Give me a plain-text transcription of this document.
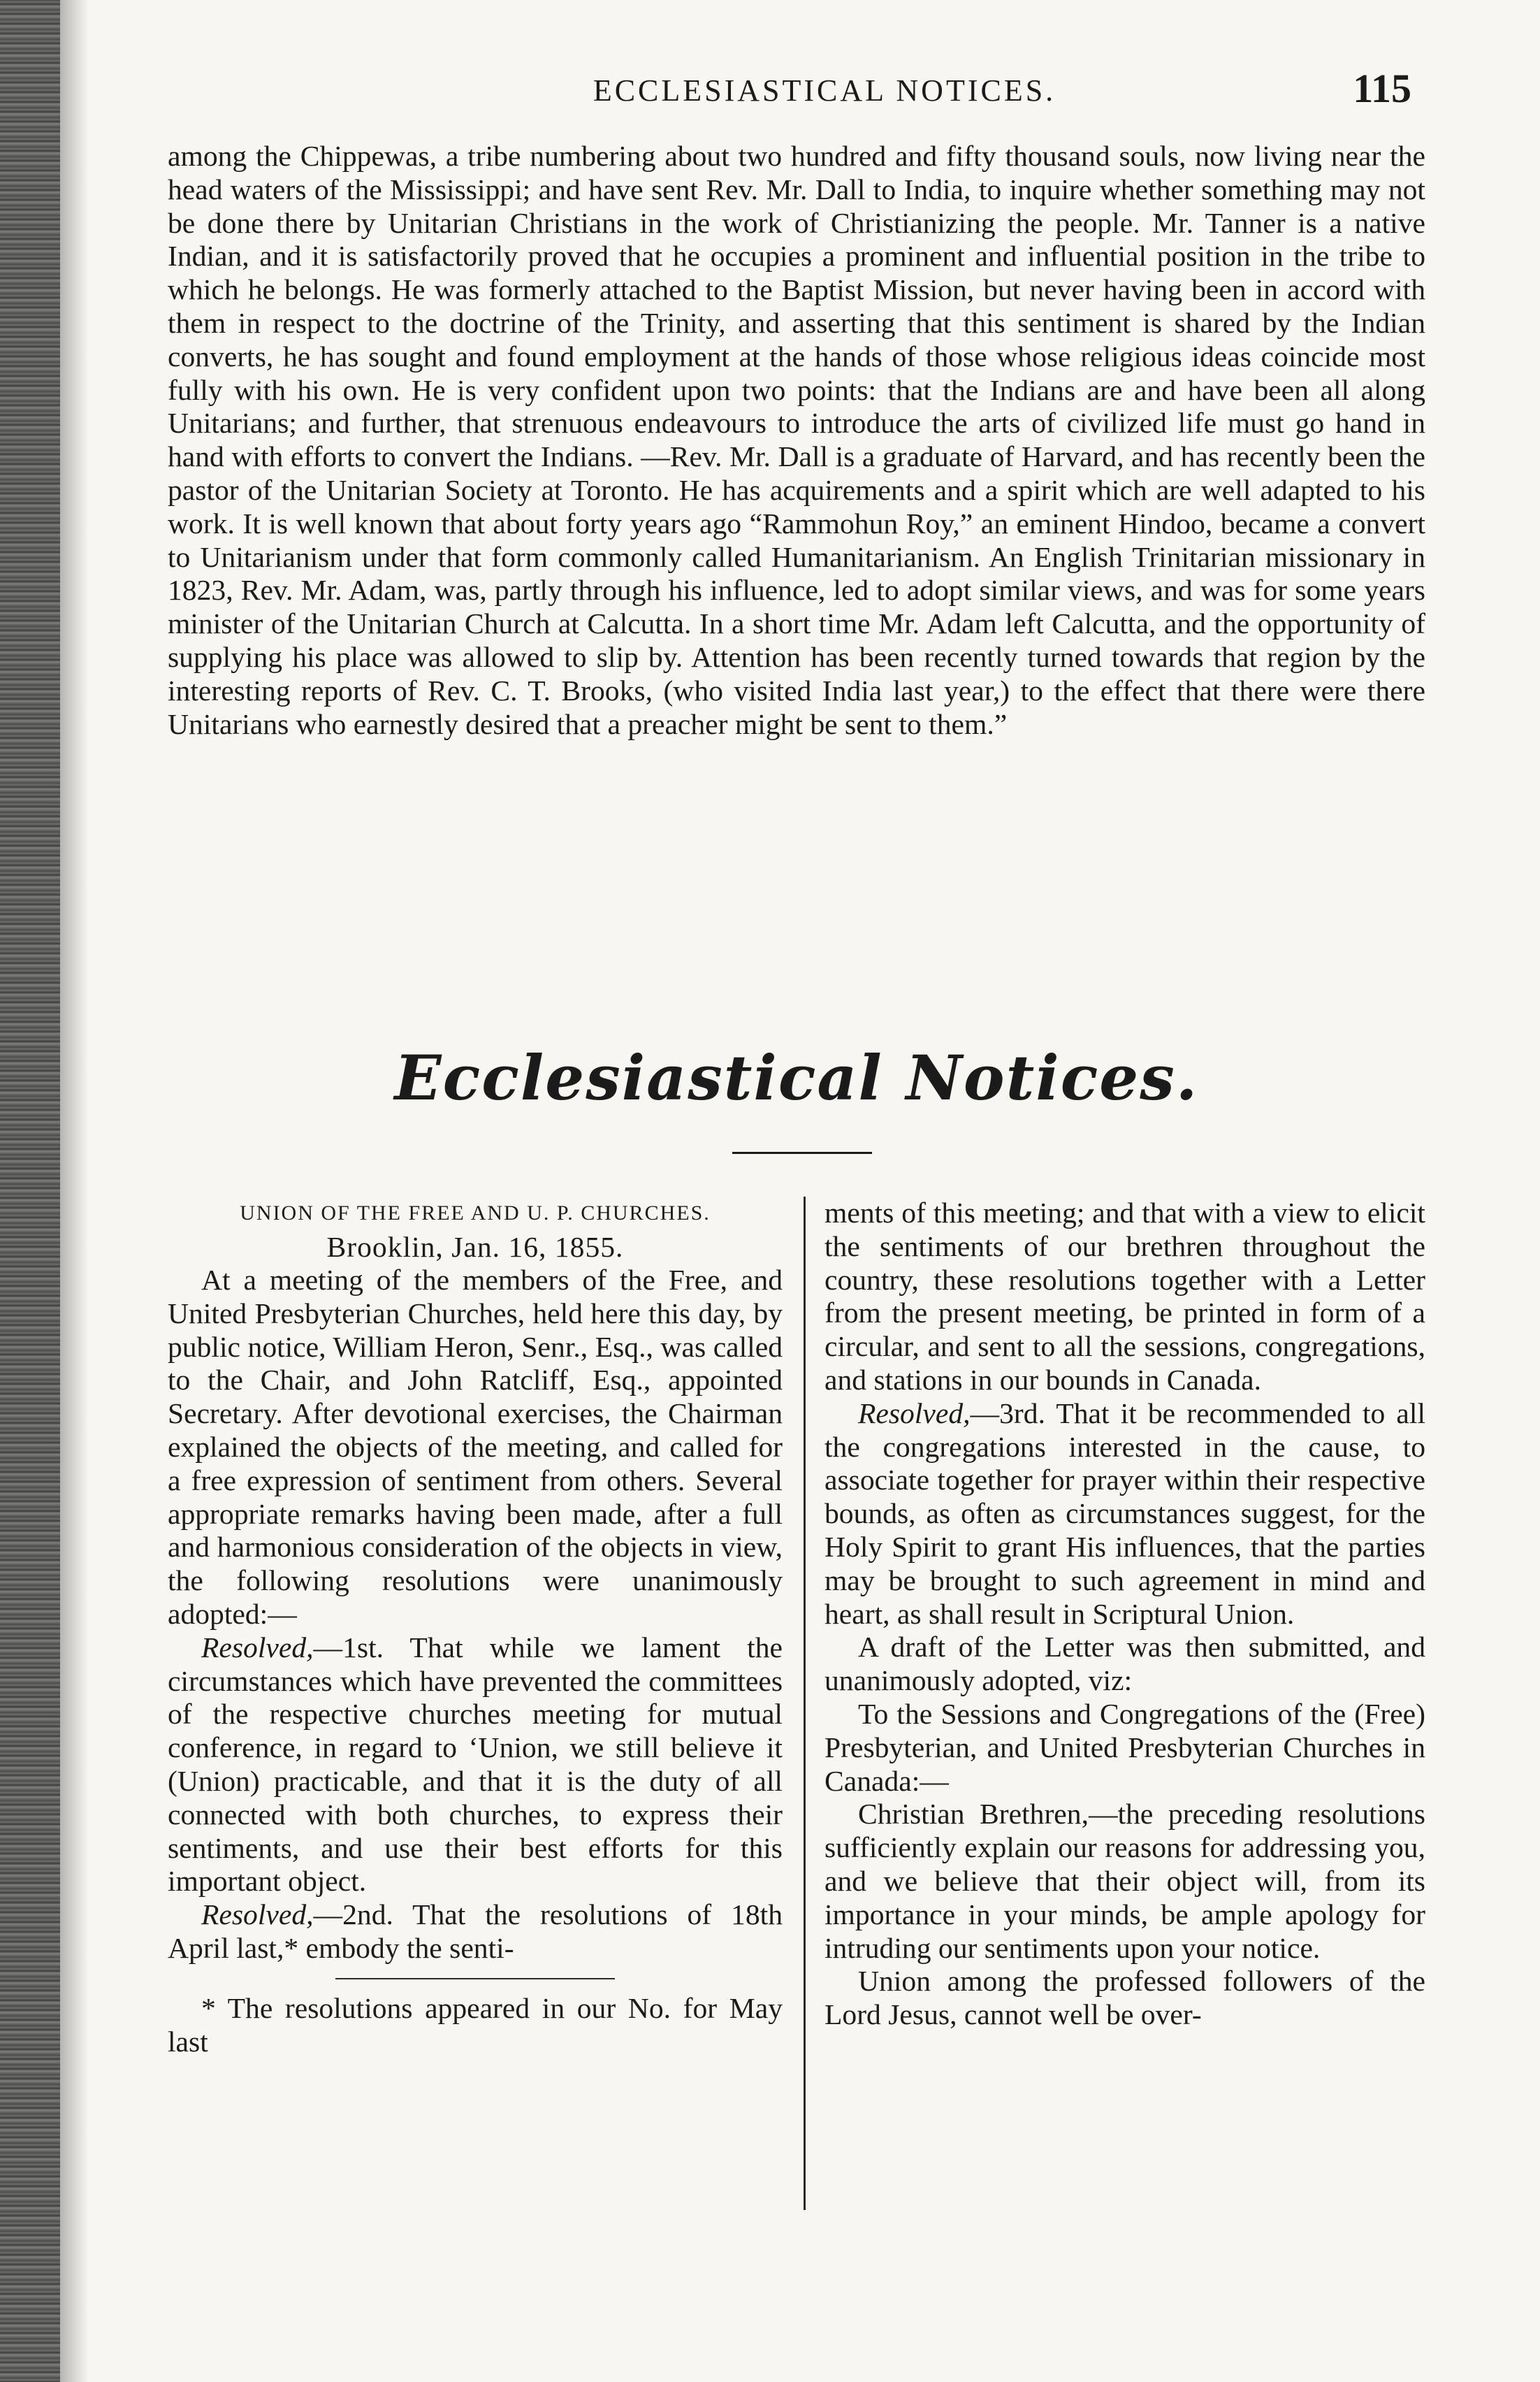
ECCLESIASTICAL NOTICES.	115

among the Chippewas, a tribe numbering about two hundred and fifty thousand souls, now living near the head waters of the Mississippi; and have sent Rev. Mr. Dall to India, to inquire whether something may not be done there by Unitarian Christians in the work of Christianizing the people. Mr. Tanner is a native Indian, and it is satisfactorily proved that he occupies a prominent and influential position in the tribe to which he belongs. He was formerly attached to the Baptist Mission, but never having been in accord with them in respect to the doctrine of the Trinity, and asserting that this sentiment is shared by the Indian converts, he has sought and found employment at the hands of those whose religious ideas coincide most fully with his own. He is very confident upon two points: that the Indians are and have been all along Unitarians; and further, that strenuous endeavours to introduce the arts of civilized life must go hand in hand with efforts to convert the Indians. —Rev. Mr. Dall is a graduate of Harvard, and has recently been the pastor of the Unitarian Society at Toronto. He has acquirements and a spirit which are well adapted to his work. It is well known that about forty years ago “Rammohun Roy,” an eminent Hindoo, became a convert to Unitarianism under that form commonly called Humanitarianism. An English Trinitarian missionary in 1823, Rev. Mr. Adam, was, partly through his influence, led to adopt similar views, and was for some years minister of the Unitarian Church at Calcutta. In a short time Mr. Adam left Calcutta, and the opportunity of supplying his place was allowed to slip by. Attention has been recently turned towards that region by the interesting reports of Rev. C. T. Brooks, (who visited India last year,) to the effect that there were there Unitarians who earnestly desired that a preacher might be sent to them.”

Ecclesiastical Notices.

UNION OF THE FREE AND U. P. CHURCHES.

Brooklin, Jan. 16, 1855.

At a meeting of the members of the Free, and United Presbyterian Churches, held here this day, by public notice, William Heron, Senr., Esq., was called to the Chair, and John Ratcliff, Esq., appointed Secretary. After devotional exercises, the Chairman explained the objects of the meeting, and called for a free expression of sentiment from others. Several appropriate remarks having been made, after a full and harmonious consideration of the objects in view, the following resolutions were unanimously adopted:—

Resolved,—1st. That while we lament the circumstances which have prevented the committees of the respective churches meeting for mutual conference, in regard to ‘Union, we still believe it (Union) practicable, and that it is the duty of all connected with both churches, to express their sentiments, and use their best efforts for this important object.

Resolved,—2nd. That the resolutions of 18th April last,* embody the senti-

* The resolutions appeared in our No. for May last

ments of this meeting; and that with a view to elicit the sentiments of our brethren throughout the country, these resolutions together with a Letter from the present meeting, be printed in form of a circular, and sent to all the sessions, congregations, and stations in our bounds in Canada.

Resolved,—3rd. That it be recommended to all the congregations interested in the cause, to associate together for prayer within their respective bounds, as often as circumstances suggest, for the Holy Spirit to grant His influences, that the parties may be brought to such agreement in mind and heart, as shall result in Scriptural Union.

A draft of the Letter was then submitted, and unanimously adopted, viz:

To the Sessions and Congregations of the (Free) Presbyterian, and United Presbyterian Churches in Canada:—

Christian Brethren,—the preceding resolutions sufficiently explain our reasons for addressing you, and we believe that their object will, from its importance in your minds, be ample apology for intruding our sentiments upon your notice.

Union among the professed followers of the Lord Jesus, cannot well be over-
